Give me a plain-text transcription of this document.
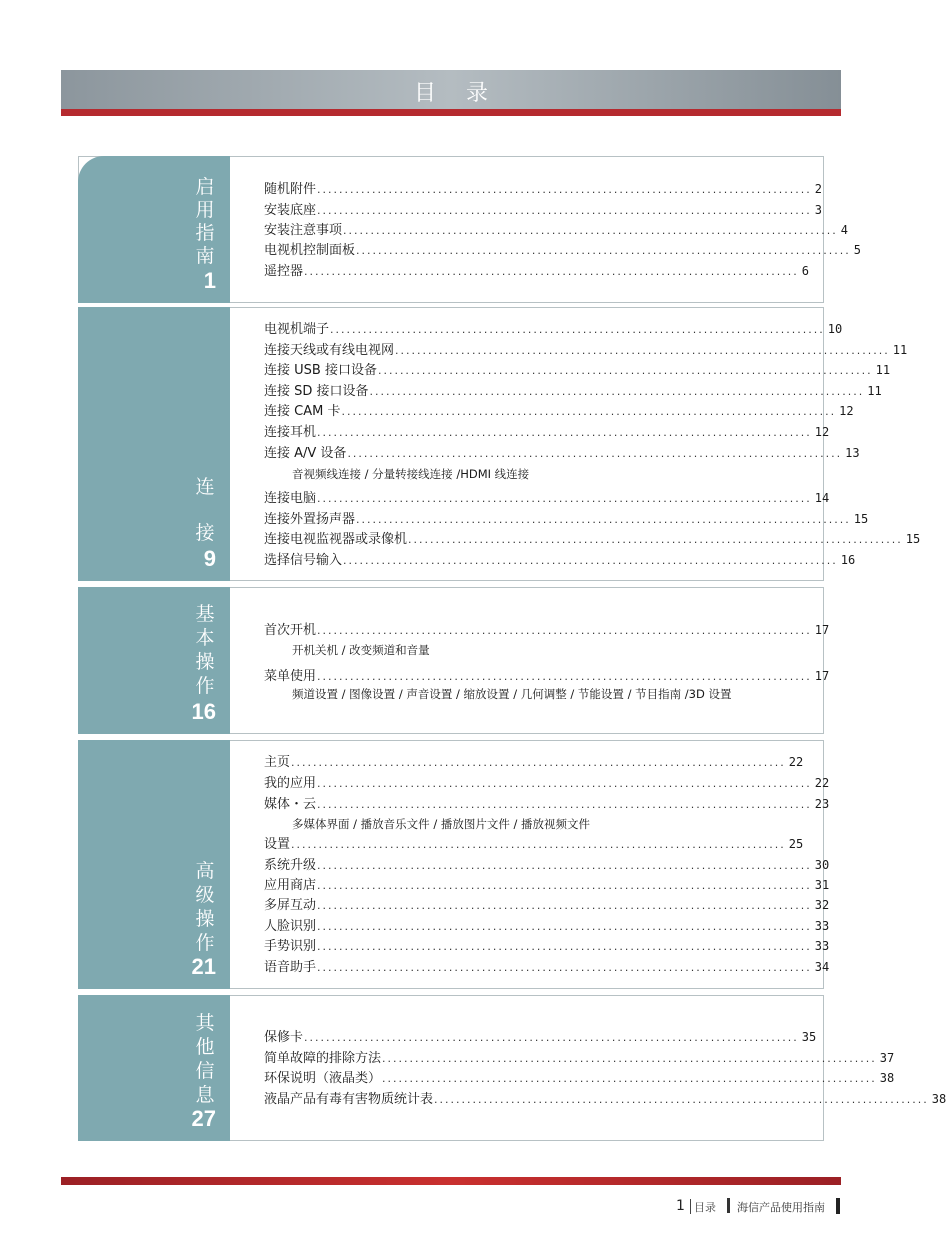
目录
启
用
指
南
1
随机附件 .......................................................................................... 2
安装底座 .......................................................................................... 3
安装注意事项 .......................................................................................... 4
电视机控制面板 .......................................................................................... 5
遥控器 .......................................................................................... 6
连
接
9
电视机端子 .......................................................................................... 10
连接天线或有线电视网 .......................................................................................... 11
连接 USB 接口设备 .......................................................................................... 11
连接 SD 接口设备 .......................................................................................... 11
连接 CAM 卡 .......................................................................................... 12
连接耳机 .......................................................................................... 12
连接 A/V 设备 .......................................................................................... 13
音视频线连接 / 分量转接线连接 /HDMI 线连接
连接电脑 .......................................................................................... 14
连接外置扬声器 .......................................................................................... 15
连接电视监视器或录像机 .......................................................................................... 15
选择信号输入 .......................................................................................... 16
基
本
操
作
16
首次开机 .......................................................................................... 17
开机关机 / 改变频道和音量
菜单使用 .......................................................................................... 17
频道设置 / 图像设置 / 声音设置 / 缩放设置 / 几何调整 / 节能设置 / 节目指南 /3D 设置
高
级
操
作
21
主页 .......................................................................................... 22
我的应用 .......................................................................................... 22
媒体・云 .......................................................................................... 23
多媒体界面 / 播放音乐文件 / 播放图片文件 / 播放视频文件
设置 .......................................................................................... 25
系统升级 .......................................................................................... 30
应用商店 .......................................................................................... 31
多屏互动 .......................................................................................... 32
人脸识别 .......................................................................................... 33
手势识别 .......................................................................................... 33
语音助手 .......................................................................................... 34
其
他
信
息
27
保修卡 .......................................................................................... 35
简单故障的排除方法 .......................................................................................... 37
环保说明（液晶类） .......................................................................................... 38
液晶产品有毒有害物质统计表 .......................................................................................... 38
1 目录 海信产品使用指南
